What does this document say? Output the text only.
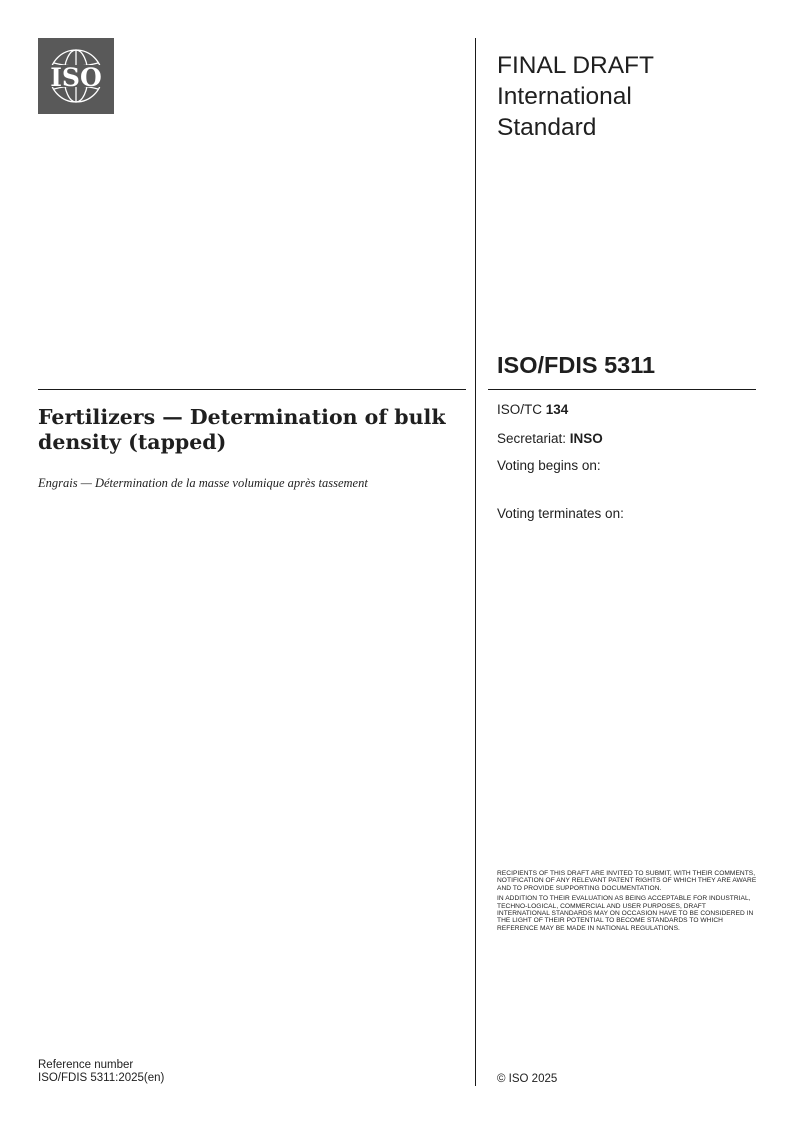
ISO	FINAL DRAFT
International
Standard
ISO/FDIS 5311
Fertilizers — Determination of bulk density (tapped)
Engrais — Détermination de la masse volumique après tassement
ISO/TC 134
Secretariat: INSO
Voting begins on:
Voting terminates on:

RECIPIENTS OF THIS DRAFT ARE INVITED TO SUBMIT, WITH THEIR COMMENTS, NOTIFICATION OF ANY RELEVANT PATENT RIGHTS OF WHICH THEY ARE AWARE AND TO PROVIDE SUPPORTING DOCUMENTATION.

IN ADDITION TO THEIR EVALUATION AS BEING ACCEPTABLE FOR INDUSTRIAL, TECHNO-LOGICAL, COMMERCIAL AND USER PURPOSES, DRAFT INTERNATIONAL STANDARDS MAY ON OCCASION HAVE TO BE CONSIDERED IN THE LIGHT OF THEIR POTENTIAL TO BECOME STANDARDS TO WHICH REFERENCE MAY BE MADE IN NATIONAL REGULATIONS.

Reference number
ISO/FDIS 5311:2025(en)	© ISO 2025
